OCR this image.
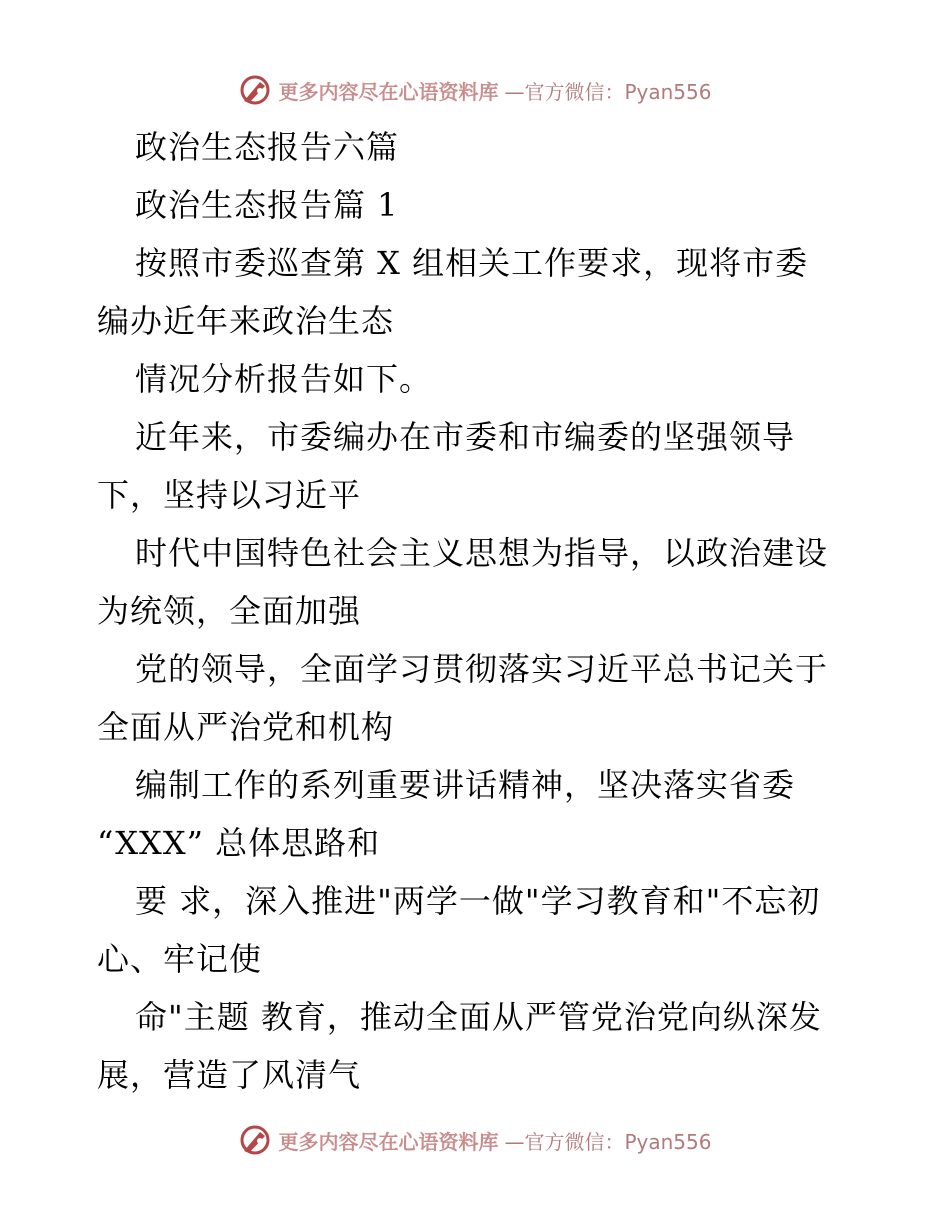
更多内容尽在心语资料库 —官方微信：Pyan556
政治生态报告六篇
政治生态报告篇 1
按照市委巡查第 X 组相关工作要求，现将市委
编办近年来政治生态
情况分析报告如下。
近年来，市委编办在市委和市编委的坚强领导
下，坚持以习近平
时代中国特色社会主义思想为指导，以政治建设
为统领，全面加强
党的领导，全面学习贯彻落实习近平总书记关于
全面从严治党和机构
编制工作的系列重要讲话精神，坚决落实省委
“XXX” 总体思路和
要 求，深入推进"两学一做"学习教育和"不忘初
心、牢记使
命"主题 教育，推动全面从严管党治党向纵深发
展，营造了风清气
更多内容尽在心语资料库 —官方微信：Pyan556
